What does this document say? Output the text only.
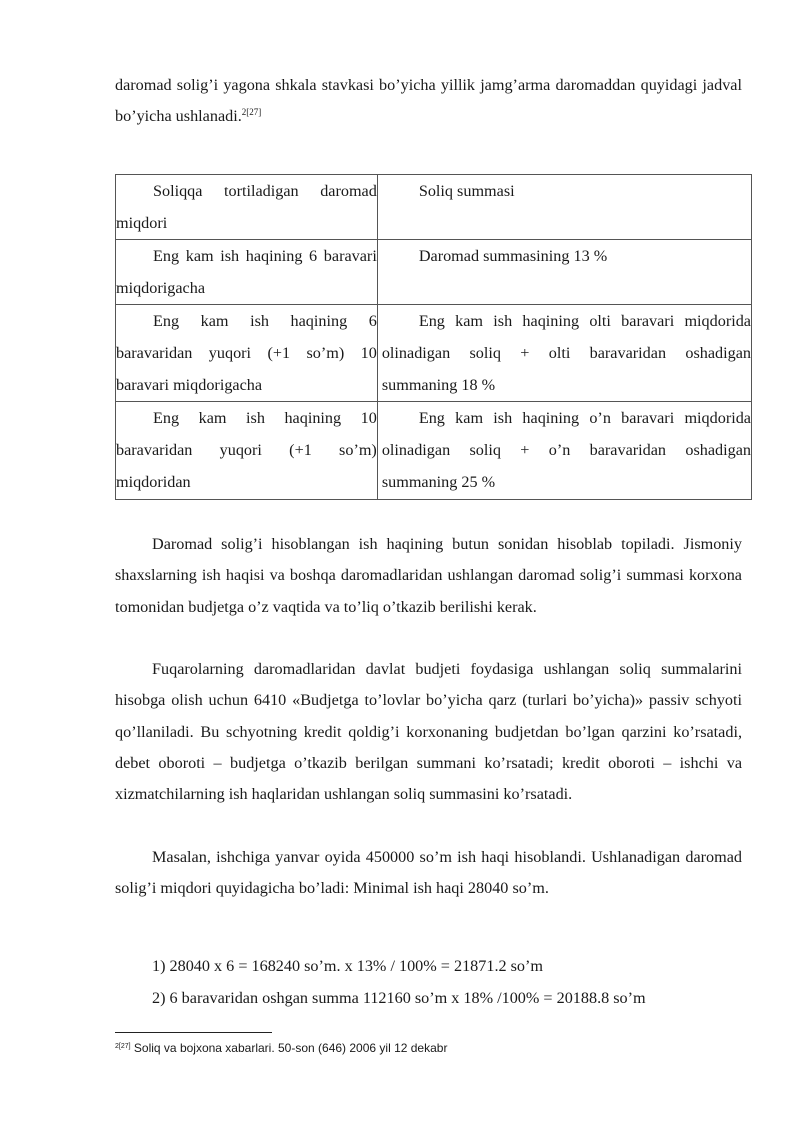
daromad solig’i yagona shkala stavkasi bo’yicha yillik jamg’arma daromaddan quyidagi jadval bo’yicha ushlanadi.$^{2[27]}$

Soliqqa tortiladigan daromad miqdori	Soliq summasi

Eng kam ish haqining 6 baravari miqdorigacha	Daromad summasining 13 %

Eng kam ish haqining 6 baravaridan yuqori (+1 so’m) 10 baravari miqdorigacha	Eng kam ish haqining olti baravari miqdorida olinadigan soliq + olti baravaridan oshadigan summaning 18 %

Eng kam ish haqining 10 baravaridan yuqori (+1 so’m) miqdoridan	Eng kam ish haqining o’n baravari miqdorida olinadigan soliq + o’n baravaridan oshadigan summaning 25 %

Daromad solig’i hisoblangan ish haqining butun sonidan hisoblab topiladi. Jismoniy shaxslarning ish haqisi va boshqa daromadlaridan ushlangan daromad solig’i summasi korxona tomonidan budjetga o’z vaqtida va to’liq o’tkazib berilishi kerak.

Fuqarolarning daromadlaridan davlat budjeti foydasiga ushlangan soliq summalarini hisobga olish uchun 6410 «Budjetga to’lovlar bo’yicha qarz (turlari bo’yicha)» passiv schyoti qo’llaniladi. Bu schyotning kredit qoldig’i korxonaning budjetdan bo’lgan qarzini ko’rsatadi, debet oboroti – budjetga o’tkazib berilgan summani ko’rsatadi; kredit oboroti – ishchi va xizmatchilarning ish haqlaridan ushlangan soliq summasini ko’rsatadi.

Masalan, ishchiga yanvar oyida 450000 so’m ish haqi hisoblandi. Ushlanadigan daromad solig’i miqdori quyidagicha bo’ladi: Minimal ish haqi 28040 so’m.

1) 28040 x 6 = 168240 so’m. x 13% / 100% = 21871.2 so’m
2) 6 baravaridan oshgan summa 112160 so’m x 18% /100% = 20188.8 so’m
$^{2[27]}$ Soliq va bojxona xabarlari. 50-son (646) 2006 yil 12 dekabr
